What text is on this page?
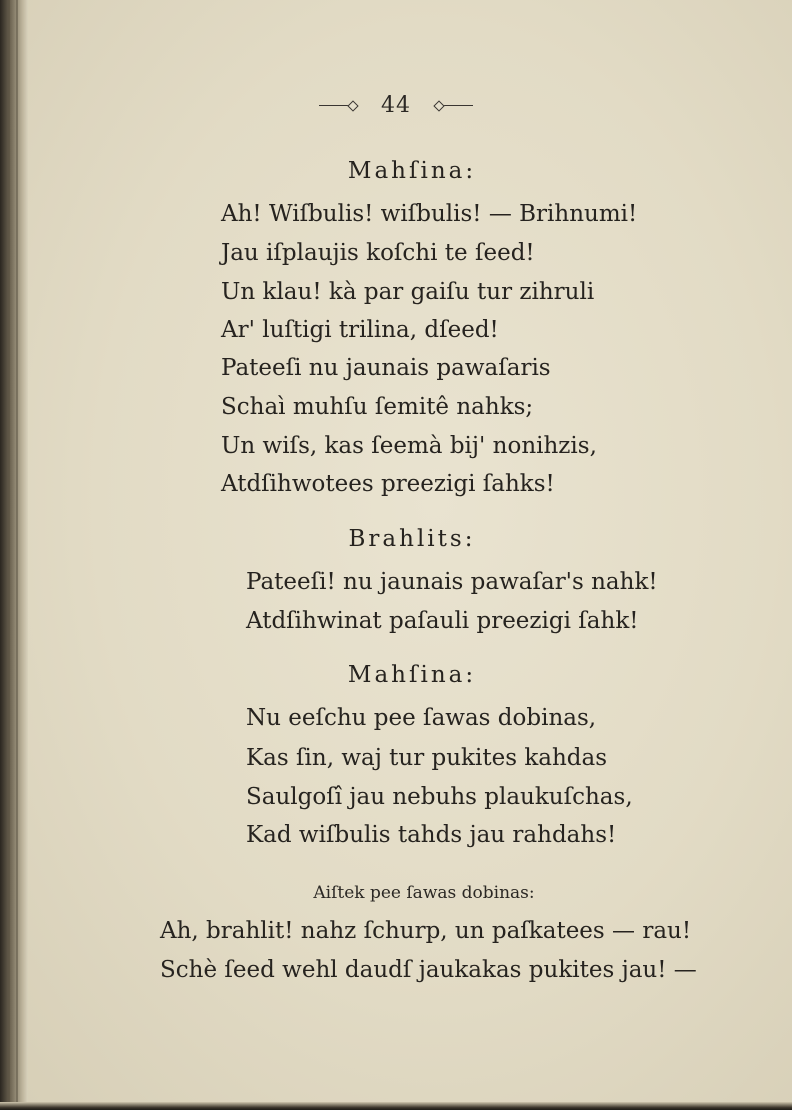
44
Mahſina:
Ah! Wiſbulis! wiſbulis! — Brihnumi!
Jau iſplaujis koſchi te ſeed!
Un klau! kà par gaiſu tur zihruli
Ar' luſtigi trilina, dſeed!
Pateeſi nu jaunais pawaſaris
Schaì muhſu ſemitê nahks;
Un wiſs, kas ſeemà bij' nonihzis,
Atdſihwotees preezigi ſahks!
Brahlits:
Pateeſi! nu jaunais pawaſar's nahk!
Atdſihwinat paſauli preezigi ſahk!
Mahſina:
Nu eeſchu pee ſawas dobinas,
Kas ſin, waj tur pukites kahdas
Saulgoſî jau nebuhs plaukuſchas,
Kad wiſbulis tahds jau rahdahs!
Aiſtek pee ſawas dobinas:
Ah, brahlit! nahz ſchurp, un paſkatees — rau!
Schè ſeed wehl daudſ jaukakas pukites jau! —
